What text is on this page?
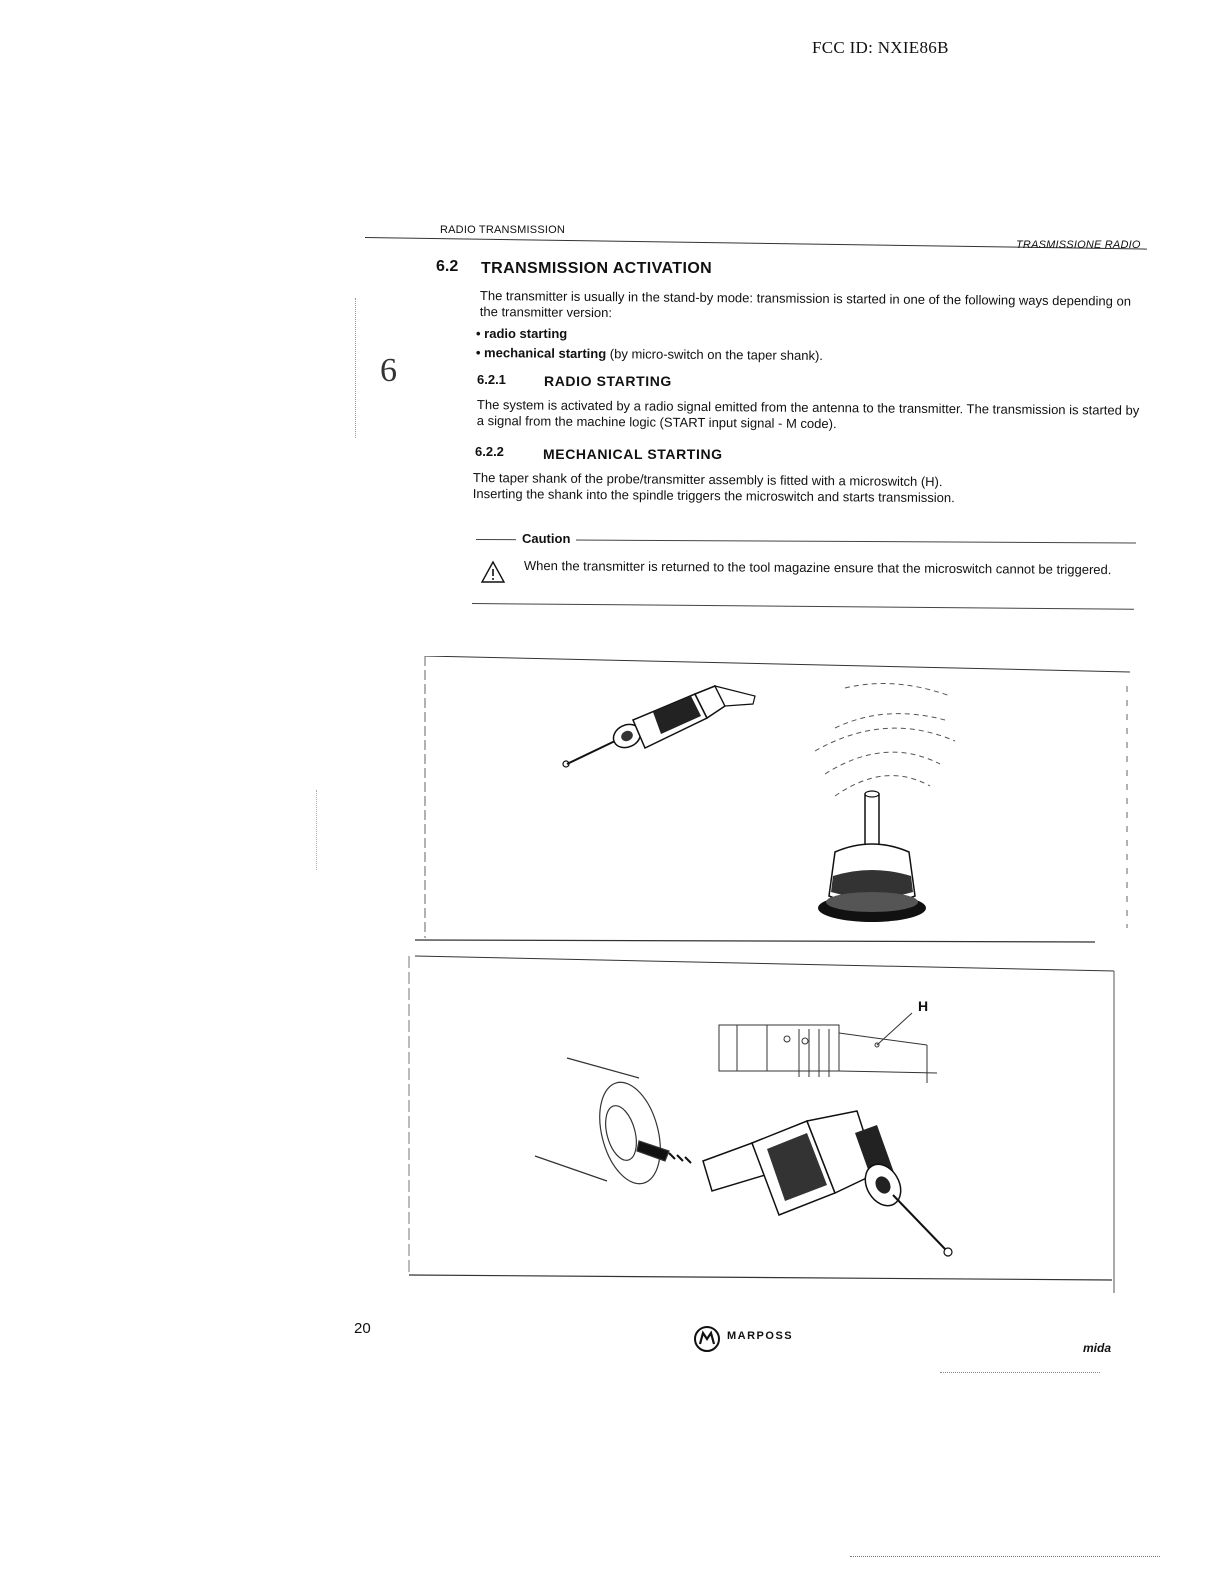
FCC ID: NXIE86B
RADIO TRANSMISSION
TRASMISSIONE RADIO
6
6.2 TRANSMISSION ACTIVATION
The transmitter is usually in the stand-by mode: transmission is started in one of the following ways depending on the transmitter version:
• radio starting
• mechanical starting (by micro-switch on the taper shank).
6.2.1	RADIO STARTING
The system is activated by a radio signal emitted from the antenna to the transmitter. The transmission is started by a signal from the machine logic (START input signal - M code).
6.2.2	MECHANICAL STARTING
The taper shank of the probe/transmitter assembly is fitted with a microswitch (H).
Inserting the shank into the spindle triggers the microswitch and starts transmission.
Caution
When the transmitter is returned to the tool magazine ensure that the microswitch cannot be triggered.
H
20	MARPOSS
mida
